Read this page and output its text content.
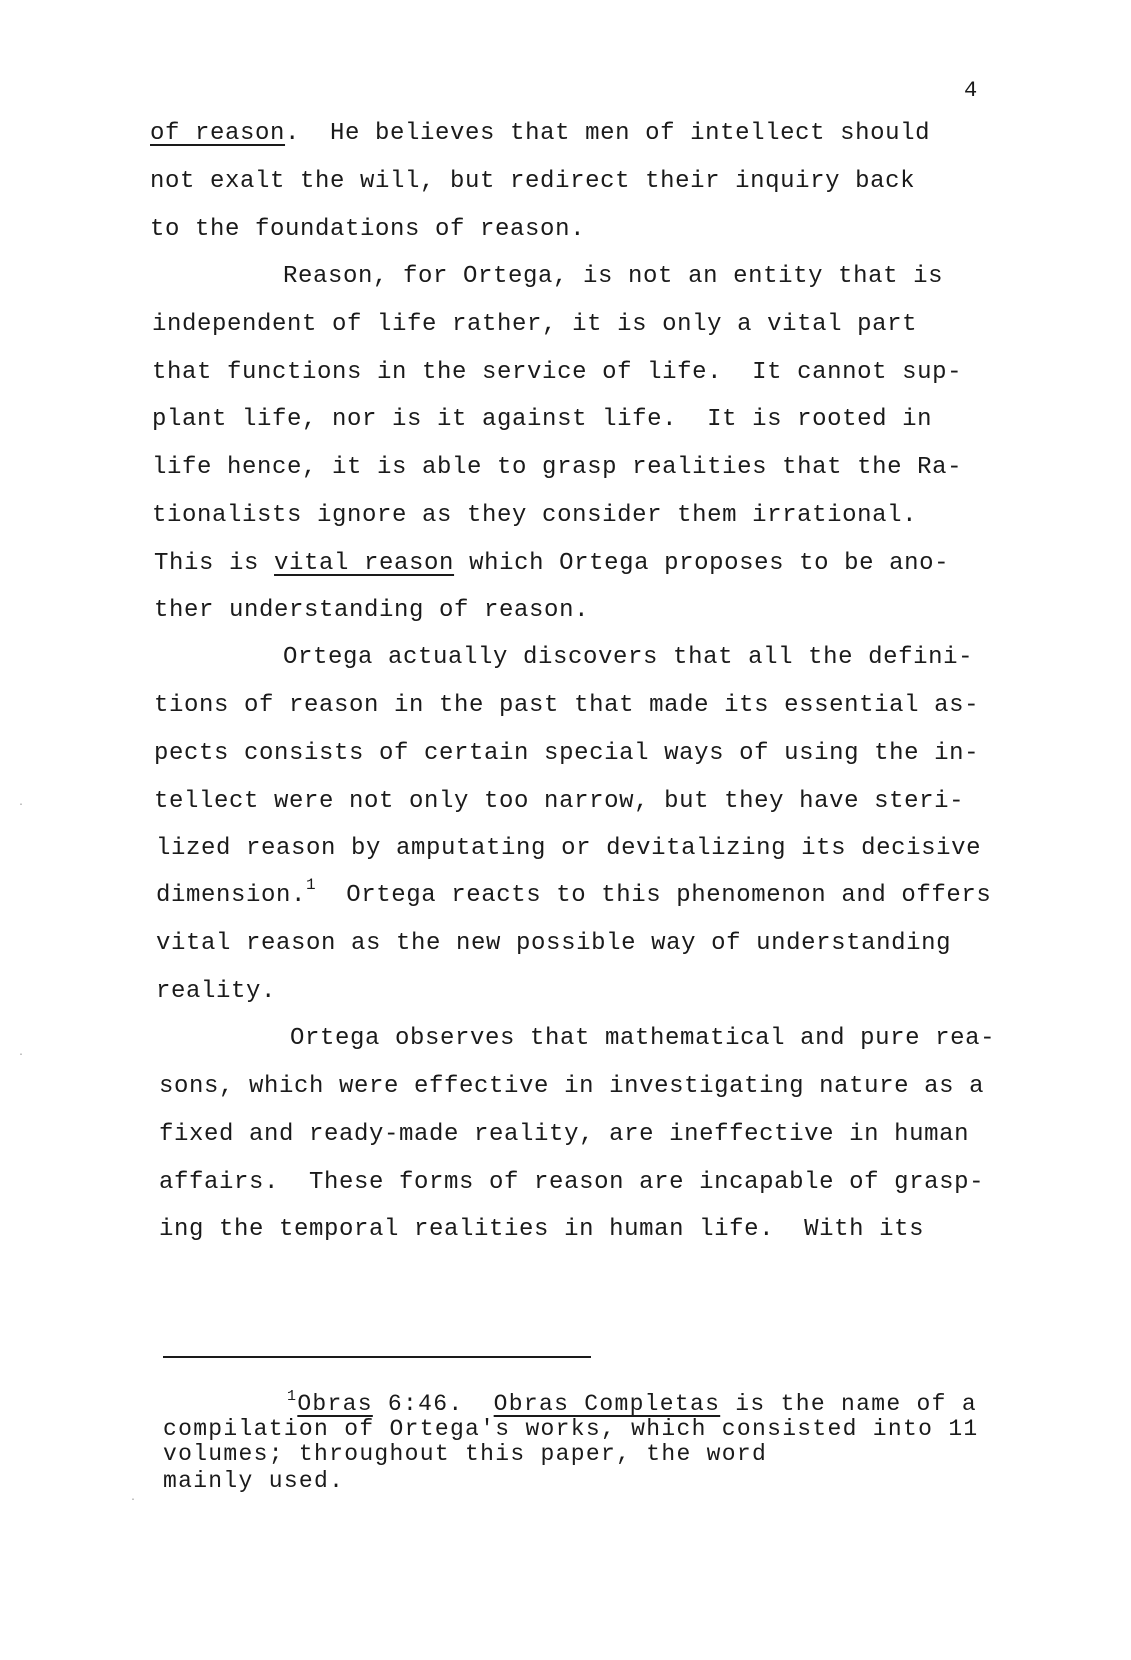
4
of reason.  He believes that men of intellect should
not exalt the will, but redirect their inquiry back
to the foundations of reason.
Reason, for Ortega, is not an entity that is
independent of life rather, it is only a vital part
that functions in the service of life.  It cannot sup-
plant life, nor is it against life.  It is rooted in
life hence, it is able to grasp realities that the Ra-
tionalists ignore as they consider them irrational.
This is vital reason which Ortega proposes to be ano-
ther understanding of reason.
Ortega actually discovers that all the defini-
tions of reason in the past that made its essential as-
pects consists of certain special ways of using the in-
tellect were not only too narrow, but they have steri-
lized reason by amputating or devitalizing its decisive
dimension.$^1$  Ortega reacts to this phenomenon and offers
vital reason as the new possible way of understanding
reality.
Ortega observes that mathematical and pure rea-
sons, which were effective in investigating nature as a
fixed and ready-made reality, are ineffective in human
affairs.  These forms of reason are incapable of grasp-
ing the temporal realities in human life.  With its
$^1$Obras 6:46.  Obras Completas is the name of a
compilation of Ortega's works, which consisted into 11
volumes; throughout this paper, the word
mainly used.
·
·
·
